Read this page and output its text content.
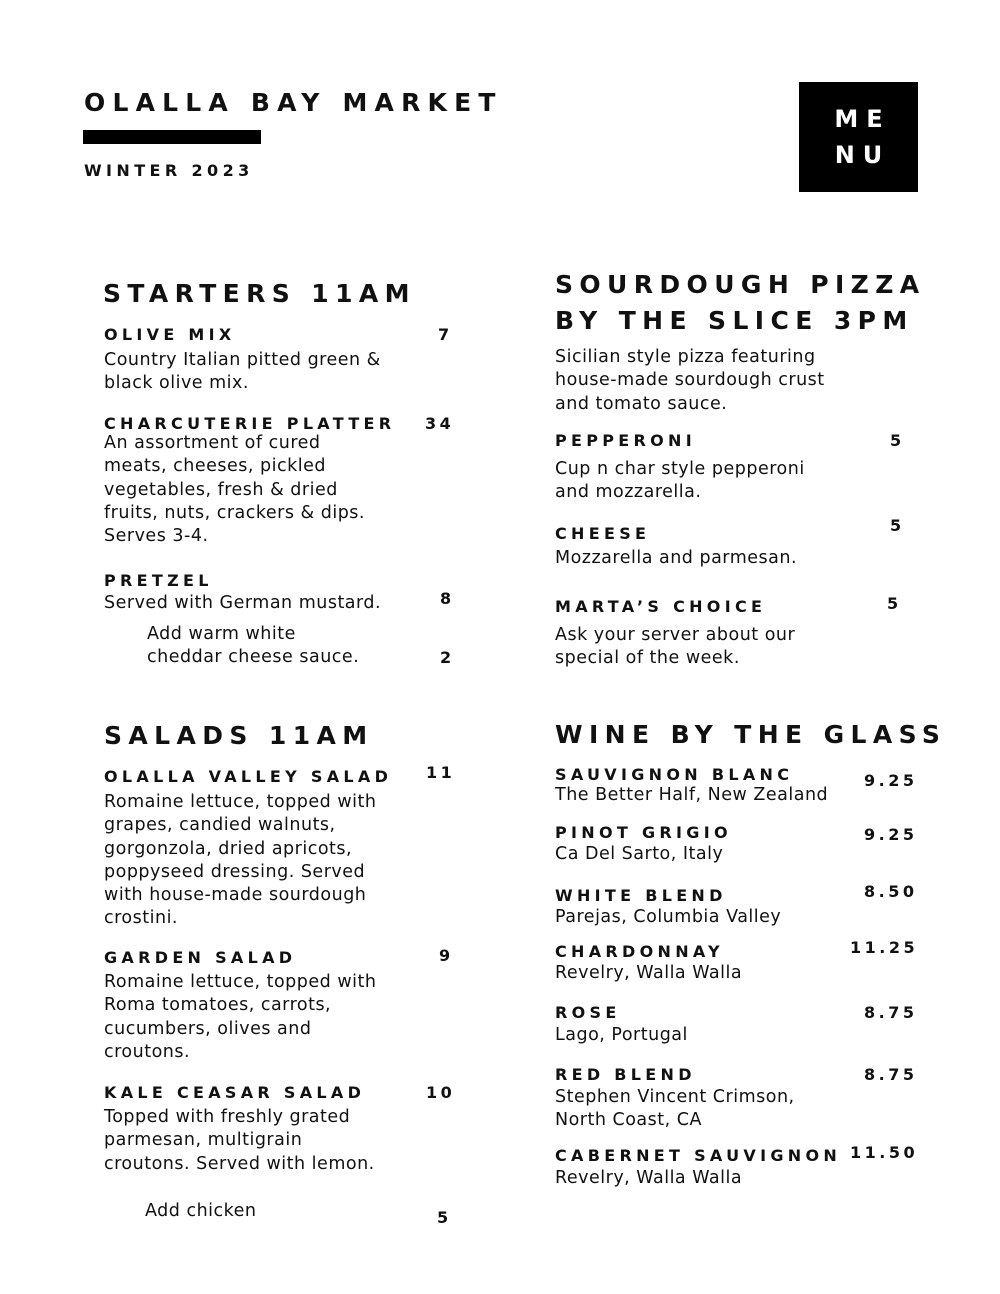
OLALLA BAY MARKET
WINTER 2023
ME
NU
STARTERS 11AM
OLIVE MIX	7
Country Italian pitted green &
black olive mix.
CHARCUTERIE PLATTER 34
An assortment of cured
meats, cheeses, pickled
vegetables, fresh & dried
fruits, nuts, crackers & dips.
Serves 3-4.
PRETZEL
8
Served with German mustard.
Add warm white
cheddar cheese sauce.	2
SALADS 11AM
OLALLA VALLEY SALAD 11
Romaine lettuce, topped with
grapes, candied walnuts,
gorgonzola, dried apricots,
poppyseed dressing. Served
with house-made sourdough
crostini.
GARDEN SALAD	9
Romaine lettuce, topped with
Roma tomatoes, carrots,
cucumbers, olives and
croutons.
KALE CEASAR SALAD	10
Topped with freshly grated
parmesan, multigrain
croutons. Served with lemon.
Add chicken	5
SOURDOUGH PIZZA
BY THE SLICE 3PM
Sicilian style pizza featuring
house-made sourdough crust
and tomato sauce.
PEPPERONI	5
Cup n char style pepperoni
and mozzarella.
CHEESE	5
Mozzarella and parmesan.
MARTA’S CHOICE	5
Ask your server about our
special of the week.
WINE BY THE GLASS
SAUVIGNON BLANC	9.25
The Better Half, New Zealand
PINOT GRIGIO	9.25
Ca Del Sarto, Italy
WHITE BLEND	8.50
Parejas, Columbia Valley
CHARDONNAY	11.25
Revelry, Walla Walla
ROSE	8.75
Lago, Portugal
RED BLEND	8.75
Stephen Vincent Crimson,
North Coast, CA
CABERNET SAUVIGNON 11.50
Revelry, Walla Walla
